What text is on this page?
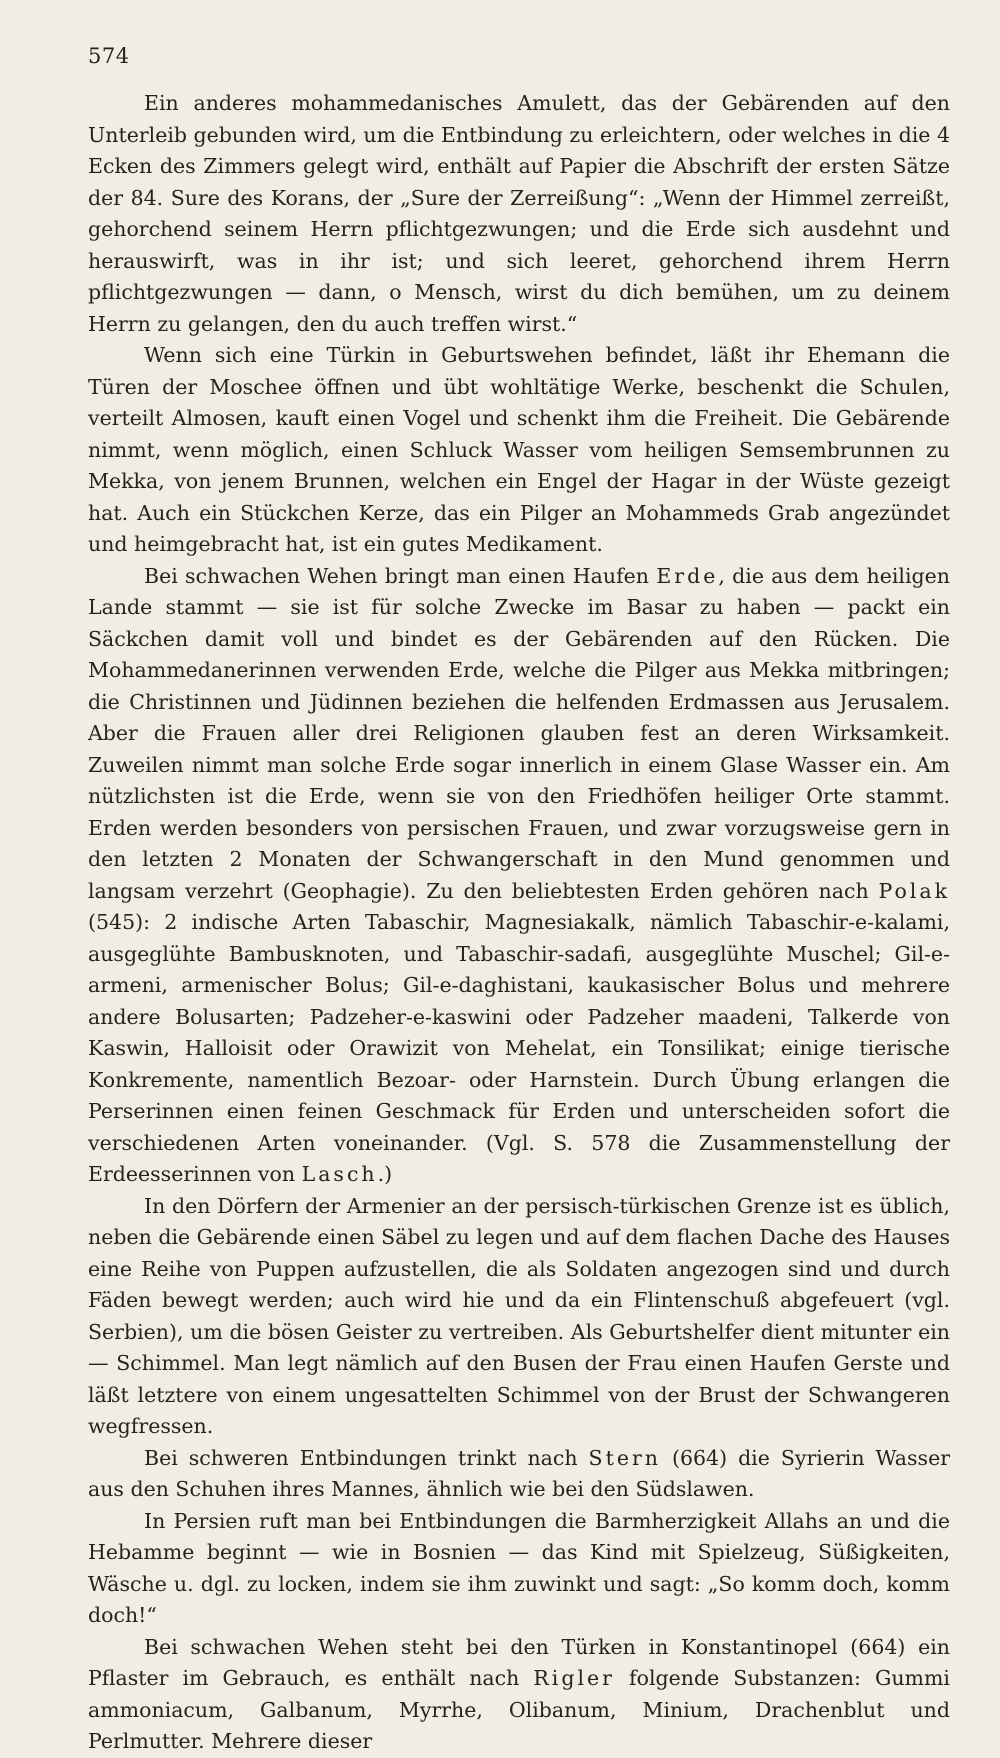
574

Ein anderes mohammedanisches Amulett, das der Gebärenden auf den Unterleib gebunden wird, um die Entbindung zu erleichtern, oder welches in die 4 Ecken des Zimmers gelegt wird, enthält auf Papier die Abschrift der ersten Sätze der 84. Sure des Korans, der „Sure der Zerreißung“: „Wenn der Himmel zerreißt, gehorchend seinem Herrn pflichtgezwungen; und die Erde sich ausdehnt und herauswirft, was in ihr ist; und sich leeret, gehorchend ihrem Herrn pflichtgezwungen — dann, o Mensch, wirst du dich bemühen, um zu deinem Herrn zu gelangen, den du auch treffen wirst.“

Wenn sich eine Türkin in Geburtswehen befindet, läßt ihr Ehemann die Türen der Moschee öffnen und übt wohltätige Werke, beschenkt die Schulen, verteilt Almosen, kauft einen Vogel und schenkt ihm die Freiheit. Die Gebärende nimmt, wenn möglich, einen Schluck Wasser vom heiligen Semsembrunnen zu Mekka, von jenem Brunnen, welchen ein Engel der Hagar in der Wüste gezeigt hat. Auch ein Stückchen Kerze, das ein Pilger an Mohammeds Grab angezündet und heimgebracht hat, ist ein gutes Medikament.

Bei schwachen Wehen bringt man einen Haufen Erde, die aus dem heiligen Lande stammt — sie ist für solche Zwecke im Basar zu haben — packt ein Säckchen damit voll und bindet es der Gebärenden auf den Rücken. Die Mohammedanerinnen verwenden Erde, welche die Pilger aus Mekka mitbringen; die Christinnen und Jüdinnen beziehen die helfenden Erdmassen aus Jerusalem. Aber die Frauen aller drei Religionen glauben fest an deren Wirksamkeit. Zuweilen nimmt man solche Erde sogar innerlich in einem Glase Wasser ein. Am nützlichsten ist die Erde, wenn sie von den Friedhöfen heiliger Orte stammt. Erden werden besonders von persischen Frauen, und zwar vorzugsweise gern in den letzten 2 Monaten der Schwangerschaft in den Mund genommen und langsam verzehrt (Geophagie). Zu den beliebtesten Erden gehören nach Polak (545): 2 indische Arten Tabaschir, Magnesiakalk, nämlich Tabaschir-e-kalami, ausgeglühte Bambusknoten, und Tabaschir-sadafi, ausgeglühte Muschel; Gil-e-armeni, armenischer Bolus; Gil-e-daghistani, kaukasischer Bolus und mehrere andere Bolusarten; Padzeher-e-kaswini oder Padzeher maadeni, Talkerde von Kaswin, Halloisit oder Orawizit von Mehelat, ein Tonsilikat; einige tierische Konkremente, namentlich Bezoar- oder Harnstein. Durch Übung erlangen die Perserinnen einen feinen Geschmack für Erden und unterscheiden sofort die verschiedenen Arten voneinander. (Vgl. S. 578 die Zusammenstellung der Erdeesserinnen von Lasch.)

In den Dörfern der Armenier an der persisch-türkischen Grenze ist es üblich, neben die Gebärende einen Säbel zu legen und auf dem flachen Dache des Hauses eine Reihe von Puppen aufzustellen, die als Soldaten angezogen sind und durch Fäden bewegt werden; auch wird hie und da ein Flintenschuß abgefeuert (vgl. Serbien), um die bösen Geister zu vertreiben. Als Geburtshelfer dient mitunter ein — Schimmel. Man legt nämlich auf den Busen der Frau einen Haufen Gerste und läßt letztere von einem ungesattelten Schimmel von der Brust der Schwangeren wegfressen.

Bei schweren Entbindungen trinkt nach Stern (664) die Syrierin Wasser aus den Schuhen ihres Mannes, ähnlich wie bei den Südslawen.

In Persien ruft man bei Entbindungen die Barmherzigkeit Allahs an und die Hebamme beginnt — wie in Bosnien — das Kind mit Spielzeug, Süßigkeiten, Wäsche u. dgl. zu locken, indem sie ihm zuwinkt und sagt: „So komm doch, komm doch!“

Bei schwachen Wehen steht bei den Türken in Konstantinopel (664) ein Pflaster im Gebrauch, es enthält nach Rigler folgende Substanzen: Gummi ammoniacum, Galbanum, Myrrhe, Olibanum, Minium, Drachenblut und Perlmutter. Mehrere dieser
